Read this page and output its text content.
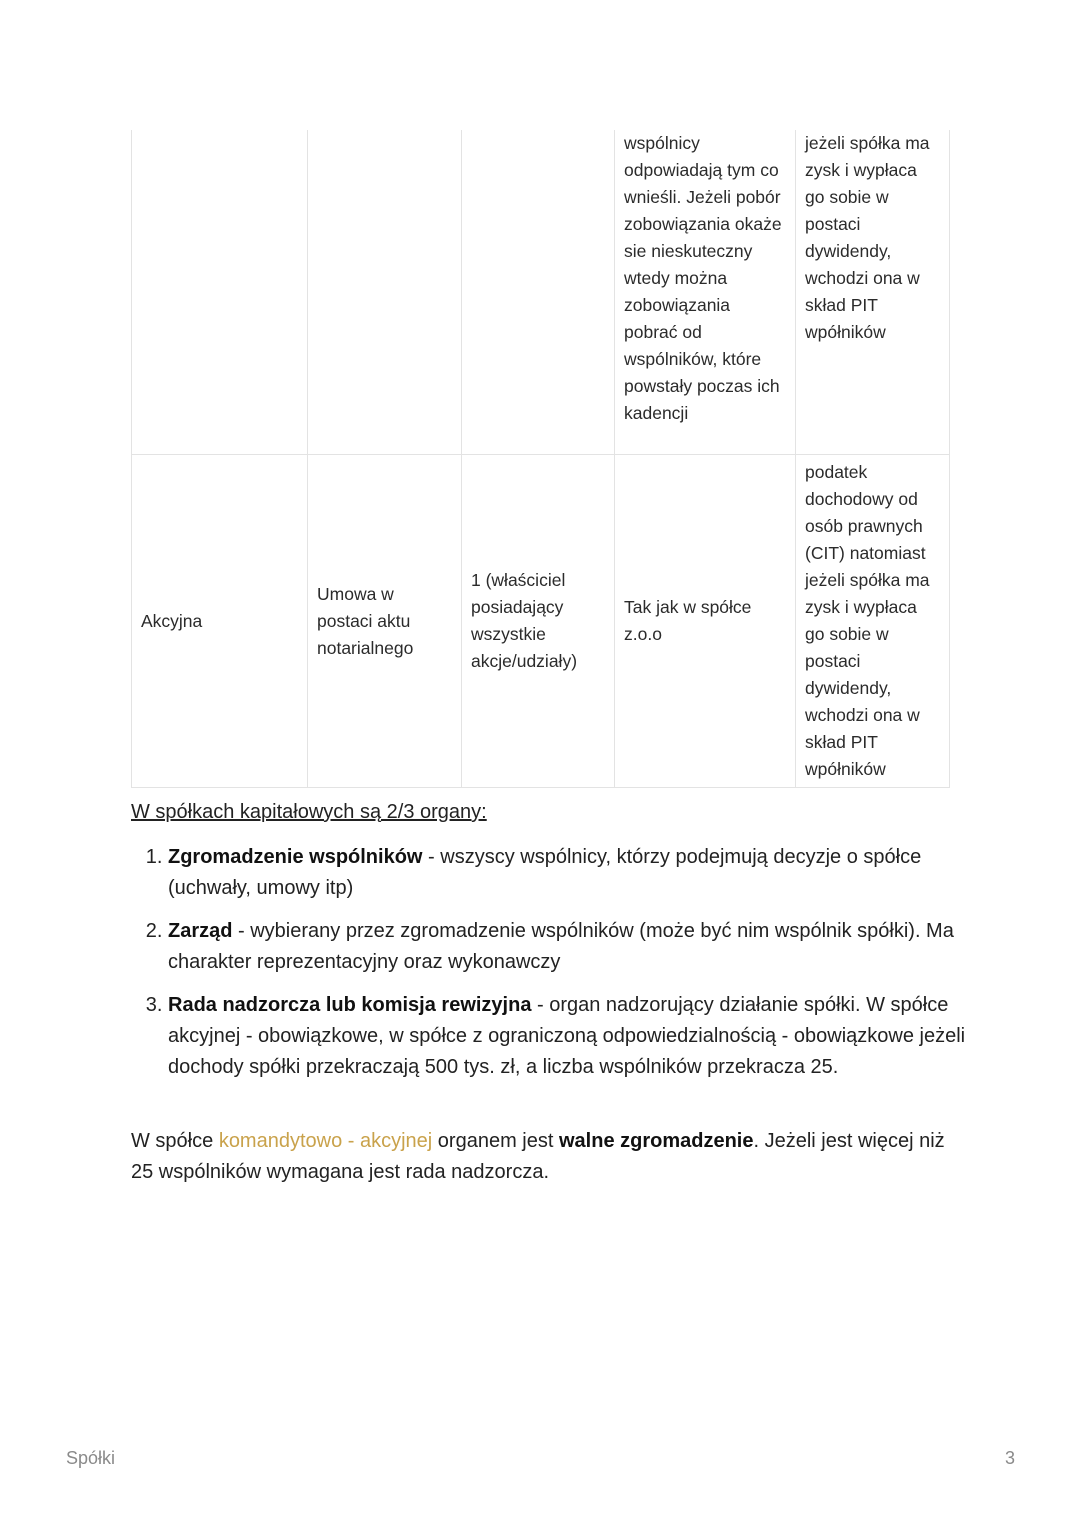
			wspólnicy odpowiadają tym co wnieśli. Jeżeli pobór zobowiązania okaże sie nieskuteczny wtedy można zobowiązania pobrać od wspólników, które powstały poczas ich kadencji	jeżeli spółka ma zysk i wypłaca go sobie w postaci dywidendy, wchodzi ona w skład PIT wpółników
Akcyjna	Umowa w postaci aktu notarialnego	1 (właściciel posiadający wszystkie akcje/udziały)	Tak jak w spółce z.o.o	podatek dochodowy od osób prawnych (CIT) natomiast jeżeli spółka ma zysk i wypłaca go sobie w postaci dywidendy, wchodzi ona w skład PIT wpółników
W spółkach kapitałowych są 2/3 organy:
1. Zgromadzenie wspólników - wszyscy wspólnicy, którzy podejmują decyzje o spółce (uchwały, umowy itp)
2. Zarząd - wybierany przez zgromadzenie wspólników (może być nim wspólnik spółki). Ma charakter reprezentacyjny oraz wykonawczy
3. Rada nadzorcza lub komisja rewizyjna - organ nadzorujący działanie spółki. W spółce akcyjnej - obowiązkowe, w spółce z ograniczoną odpowiedzialnością - obowiązkowe jeżeli dochody spółki przekraczają 500 tys. zł, a liczba wspólników przekracza 25.

W spółce komandytowo - akcyjnej organem jest walne zgromadzenie. Jeżeli jest więcej niż 25 wspólników wymagana jest rada nadzorcza.

Spółki	3
